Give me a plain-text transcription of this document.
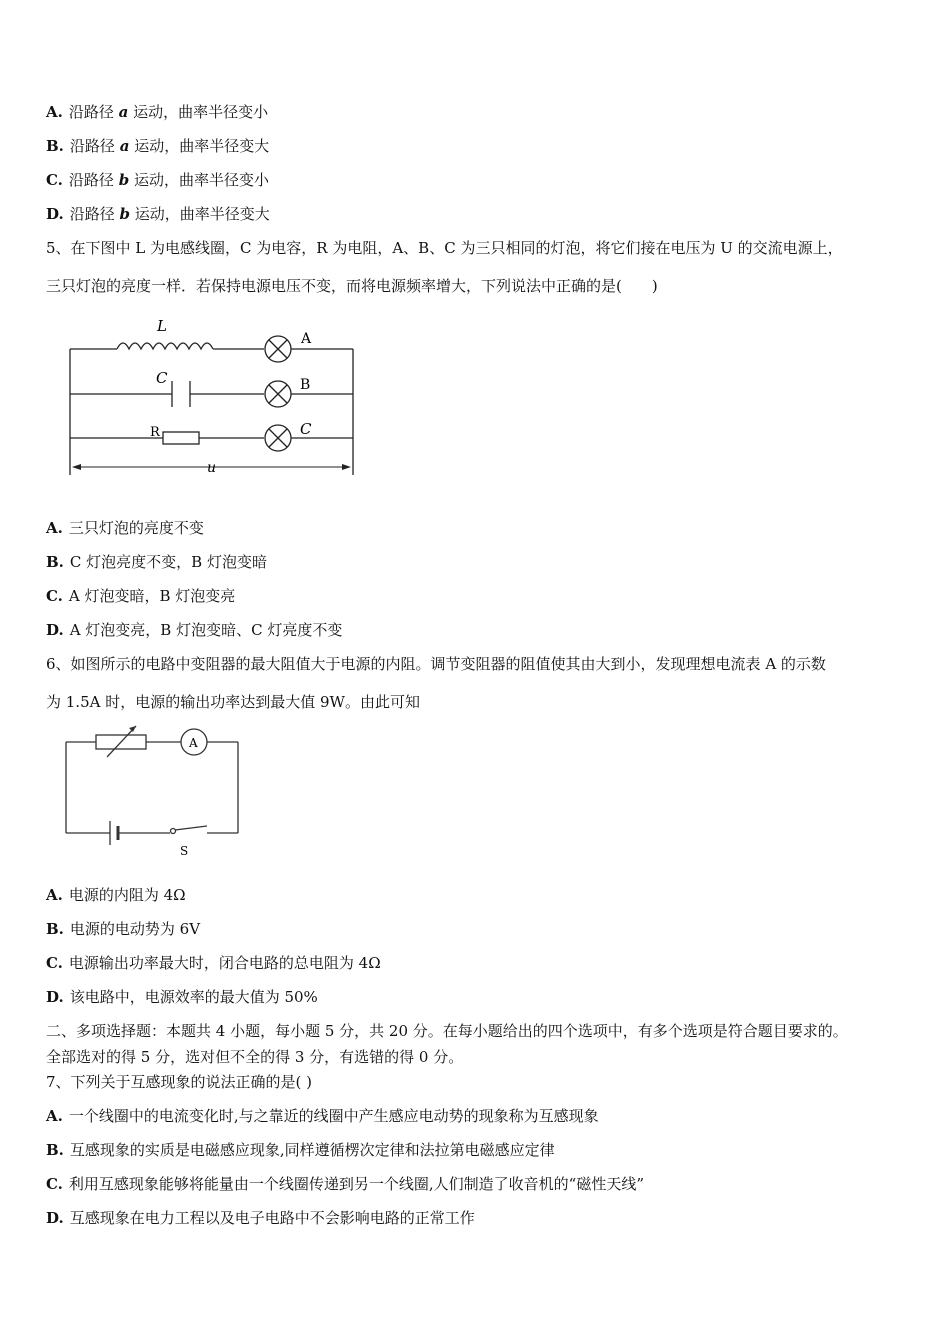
A. 沿路径 a 运动，曲率半径变小
B. 沿路径 a 运动，曲率半径变大
C. 沿路径 b 运动，曲率半径变小
D. 沿路径 b 运动，曲率半径变大
5、在下图中 L 为电感线圈，C 为电容，R 为电阻，A、B、C 为三只相同的灯泡，将它们接在电压为 U 的交流电源上，
三只灯泡的亮度一样．若保持电源电压不变，而将电源频率增大，下列说法中正确的是(　　)
L
A
C	B
R	C
u
A. 三只灯泡的亮度不变
B. C 灯泡亮度不变，B 灯泡变暗
C. A 灯泡变暗，B 灯泡变亮
D. A 灯泡变亮，B 灯泡变暗、C 灯亮度不变
6、如图所示的电路中变阻器的最大阻值大于电源的内阻。调节变阻器的阻值使其由大到小，发现理想电流表 A 的示数
为 1.5A 时，电源的输出功率达到最大值 9W。由此可知
A
S
A. 电源的内阻为 4Ω
B. 电源的电动势为 6V
C. 电源输出功率最大时，闭合电路的总电阻为 4Ω
D. 该电路中，电源效率的最大值为 50%
二、多项选择题：本题共 4 小题，每小题 5 分，共 20 分。在每小题给出的四个选项中，有多个选项是符合题目要求的。
全部选对的得 5 分，选对但不全的得 3 分，有选错的得 0 分。
7、下列关于互感现象的说法正确的是( )
A. 一个线圈中的电流变化时,与之靠近的线圈中产生感应电动势的现象称为互感现象
B. 互感现象的实质是电磁感应现象,同样遵循楞次定律和法拉第电磁感应定律
C. 利用互感现象能够将能量由一个线圈传递到另一个线圈,人们制造了收音机的“磁性天线”
D. 互感现象在电力工程以及电子电路中不会影响电路的正常工作
